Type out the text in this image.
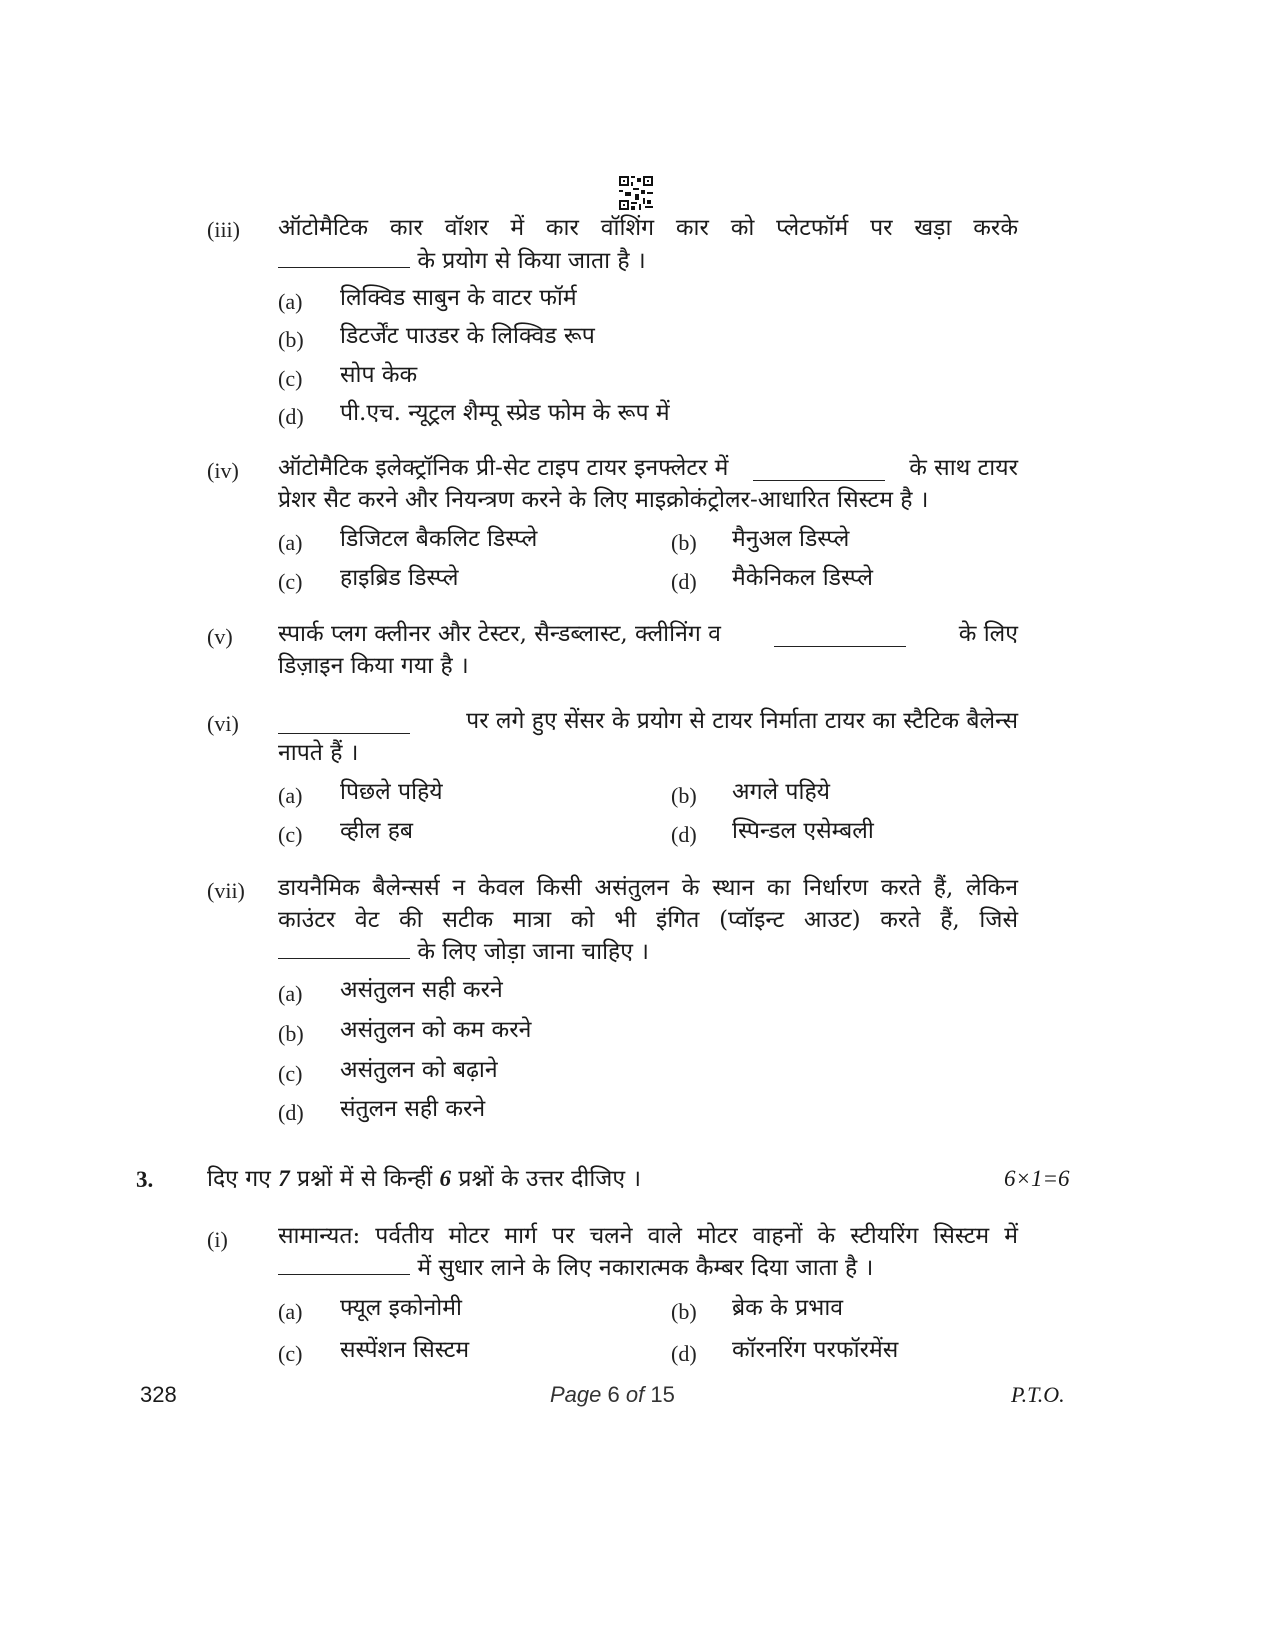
(iii) ऑटोमैटिक कार वॉशर में कार वॉशिंग कार को प्लेटफॉर्म पर खड़ा करके
के प्रयोग से किया जाता है ।
(a) लिक्विड साबुन के वाटर फॉर्म
(b) डिटर्जेंट पाउडर के लिक्विड रूप
(c) सोप केक
(d) पी.एच. न्यूट्रल शैम्पू स्प्रेड फोम के रूप में
(iv) ऑटोमैटिक इलेक्ट्रॉनिक प्री-सेट टाइप टायर इनफ्लेटर में	के साथ टायर
प्रेशर सैट करने और नियन्त्रण करने के लिए माइक्रोकंट्रोलर-आधारित सिस्टम है ।
(a) डिजिटल बैकलिट डिस्प्ले	(b) मैनुअल डिस्प्ले
(c) हाइब्रिड डिस्प्ले	(d) मैकेनिकल डिस्प्ले
(v) स्पार्क प्लग क्लीनर और टेस्टर, सैन्डब्लास्ट, क्लीनिंग व	के लिए
डिज़ाइन किया गया है ।
(vi)	पर लगे हुए सेंसर के प्रयोग से टायर निर्माता टायर का स्टैटिक बैलेन्स
नापते हैं ।
(a) पिछले पहिये	(b) अगले पहिये
(c) व्हील हब	(d) स्पिन्डल एसेम्बली
(vii) डायनैमिक बैलेन्सर्स न केवल किसी असंतुलन के स्थान का निर्धारण करते हैं, लेकिन
काउंटर वेट की सटीक मात्रा को भी इंगित (प्वॉइन्ट आउट) करते हैं, जिसे
के लिए जोड़ा जाना चाहिए ।
(a) असंतुलन सही करने
(b) असंतुलन को कम करने
(c) असंतुलन को बढ़ाने
(d) संतुलन सही करने
3. दिए गए 7 प्रश्नों में से किन्हीं 6 प्रश्नों के उत्तर दीजिए ।	6×1=6
(i) सामान्यत: पर्वतीय मोटर मार्ग पर चलने वाले मोटर वाहनों के स्टीयरिंग सिस्टम में
में सुधार लाने के लिए नकारात्मक कैम्बर दिया जाता है ।
(a) फ्यूल इकोनोमी	(b) ब्रेक के प्रभाव
(c) सस्पेंशन सिस्टम	(d) कॉरनरिंग परफॉरमेंस
328	Page 6 of 15	P.T.O.
